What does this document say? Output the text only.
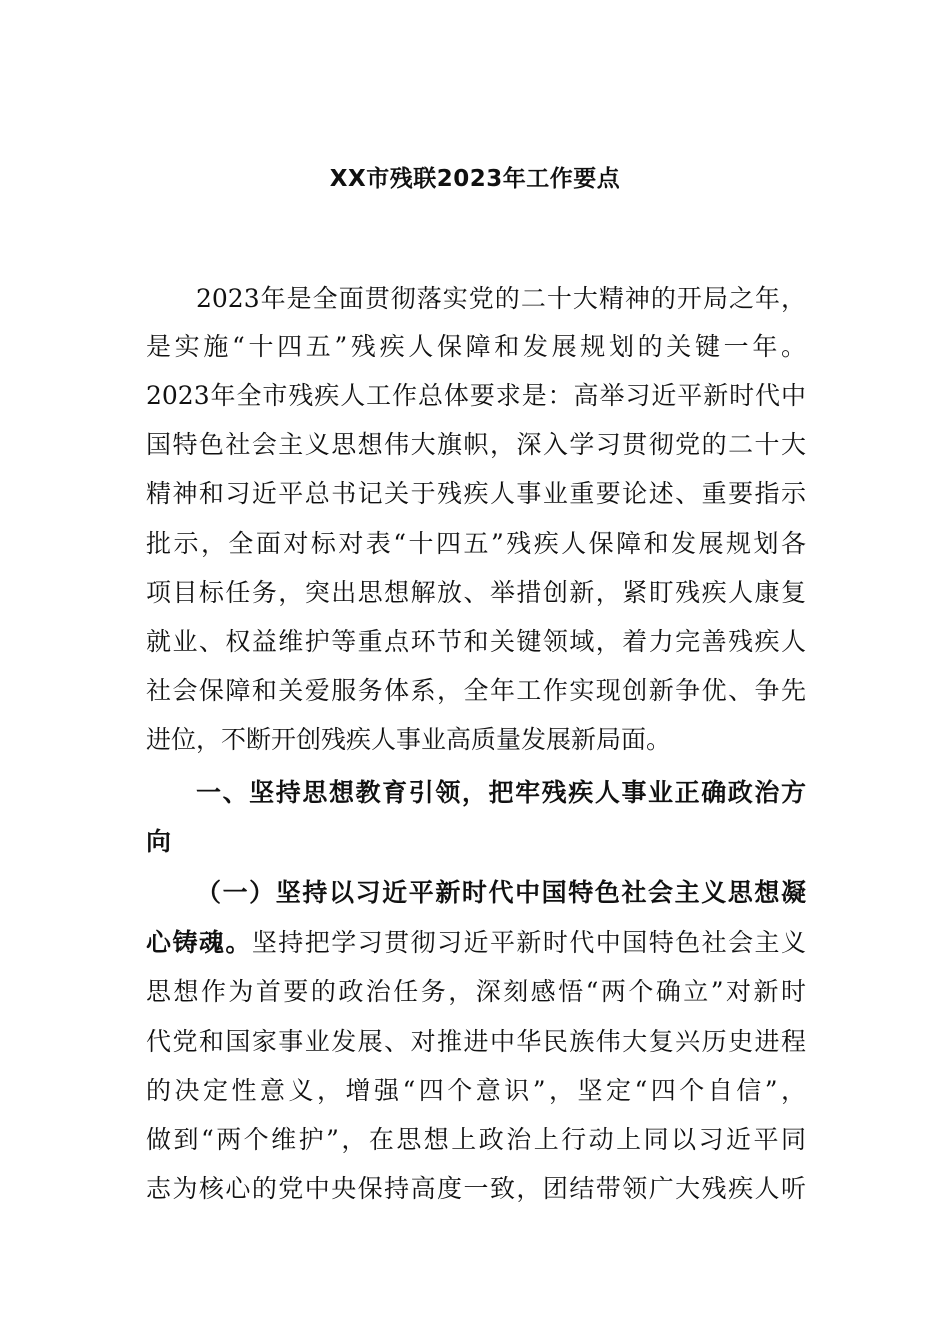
XX市残联2023年工作要点
2023年是全面贯彻落实党的二十大精神的开局之年，
是实施“十四五”残疾人保障和发展规划的关键一年。
2023年全市残疾人工作总体要求是：高举习近平新时代中
国特色社会主义思想伟大旗帜，深入学习贯彻党的二十大
精神和习近平总书记关于残疾人事业重要论述、重要指示
批示，全面对标对表“十四五”残疾人保障和发展规划各
项目标任务，突出思想解放、举措创新，紧盯残疾人康复
就业、权益维护等重点环节和关键领域，着力完善残疾人
社会保障和关爱服务体系，全年工作实现创新争优、争先
进位，不断开创残疾人事业高质量发展新局面。
一、坚持思想教育引领，把牢残疾人事业正确政治方
向
（一）坚持以习近平新时代中国特色社会主义思想凝
心铸魂。坚持把学习贯彻习近平新时代中国特色社会主义
思想作为首要的政治任务，深刻感悟“两个确立”对新时
代党和国家事业发展、对推进中华民族伟大复兴历史进程
的决定性意义，增强“四个意识”，坚定“四个自信”，
做到“两个维护”，在思想上政治上行动上同以习近平同
志为核心的党中央保持高度一致，团结带领广大残疾人听
